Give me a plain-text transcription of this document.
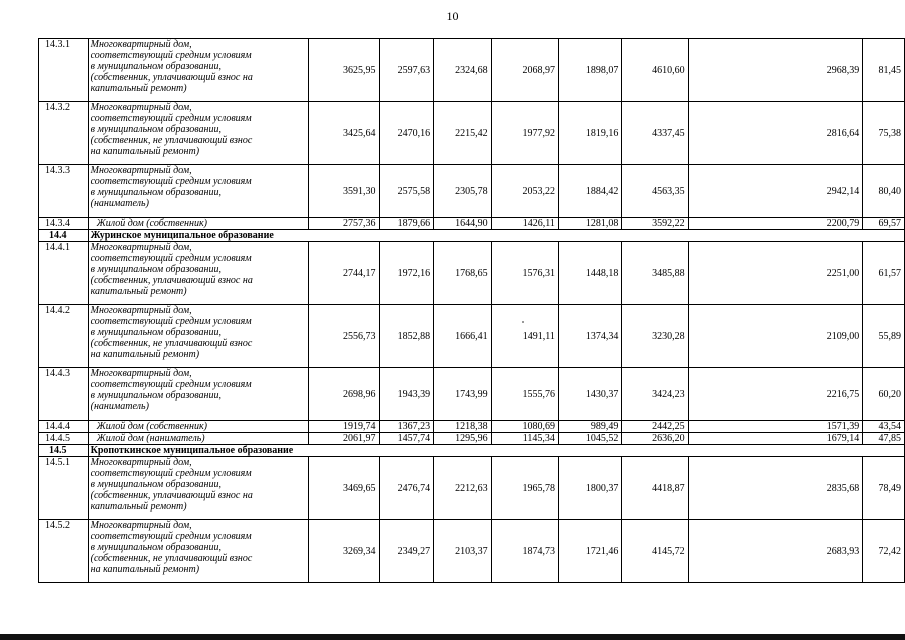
10
14.3.1	Многоквартирный дом,
соответствующий средним условиям
в муниципальном образовании,
(собственник, уплачивающий взнос на
капитальный ремонт)	3625,95	2597,63	2324,68	2068,97	1898,07	4610,60	2968,39	81,45
14.3.2	Многоквартирный дом,
соответствующий средним условиям
в муниципальном образовании,
(собственник, не уплачивающий взнос
на капитальный ремонт)	3425,64	2470,16	2215,42	1977,92	1819,16	4337,45	2816,64	75,38
14.3.3	Многоквартирный дом,
соответствующий средним условиям
в муниципальном образовании,
(наниматель)	3591,30	2575,58	2305,78	2053,22	1884,42	4563,35	2942,14	80,40
14.3.4	Жилой дом (собственник)	2757,36	1879,66	1644,90	1426,11	1281,08	3592,22	2200,79	69,57
14.4	Журинское муниципальное образование								
14.4.1	Многоквартирный дом,
соответствующий средним условиям
в муниципальном образовании,
(собственник, уплачивающий взнос на
капитальный ремонт)	2744,17	1972,16	1768,65	1576,31	1448,18	3485,88	2251,00	61,57
14.4.2	Многоквартирный дом,
соответствующий средним условиям
в муниципальном образовании,
(собственник, не уплачивающий взнос
на капитальный ремонт)	2556,73	1852,88	1666,41	1491,11	1374,34	3230,28	2109,00	55,89
14.4.3	Многоквартирный дом,
соответствующий средним условиям
в муниципальном образовании,
(наниматель)	2698,96	1943,39	1743,99	1555,76	1430,37	3424,23	2216,75	60,20
14.4.4	Жилой дом (собственник)	1919,74	1367,23	1218,38	1080,69	989,49	2442,25	1571,39	43,54
14.4.5	Жилой дом (наниматель)	2061,97	1457,74	1295,96	1145,34	1045,52	2636,20	1679,14	47,85
14.5	Кропоткинское муниципальное образование								
14.5.1	Многоквартирный дом,
соответствующий средним условиям
в муниципальном образовании,
(собственник, уплачивающий взнос на
капитальный ремонт)	3469,65	2476,74	2212,63	1965,78	1800,37	4418,87	2835,68	78,49
14.5.2	Многоквартирный дом,
соответствующий средним условиям
в муниципальном образовании,
(собственник, не уплачивающий взнос
на капитальный ремонт)	3269,34	2349,27	2103,37	1874,73	1721,46	4145,72	2683,93	72,42
